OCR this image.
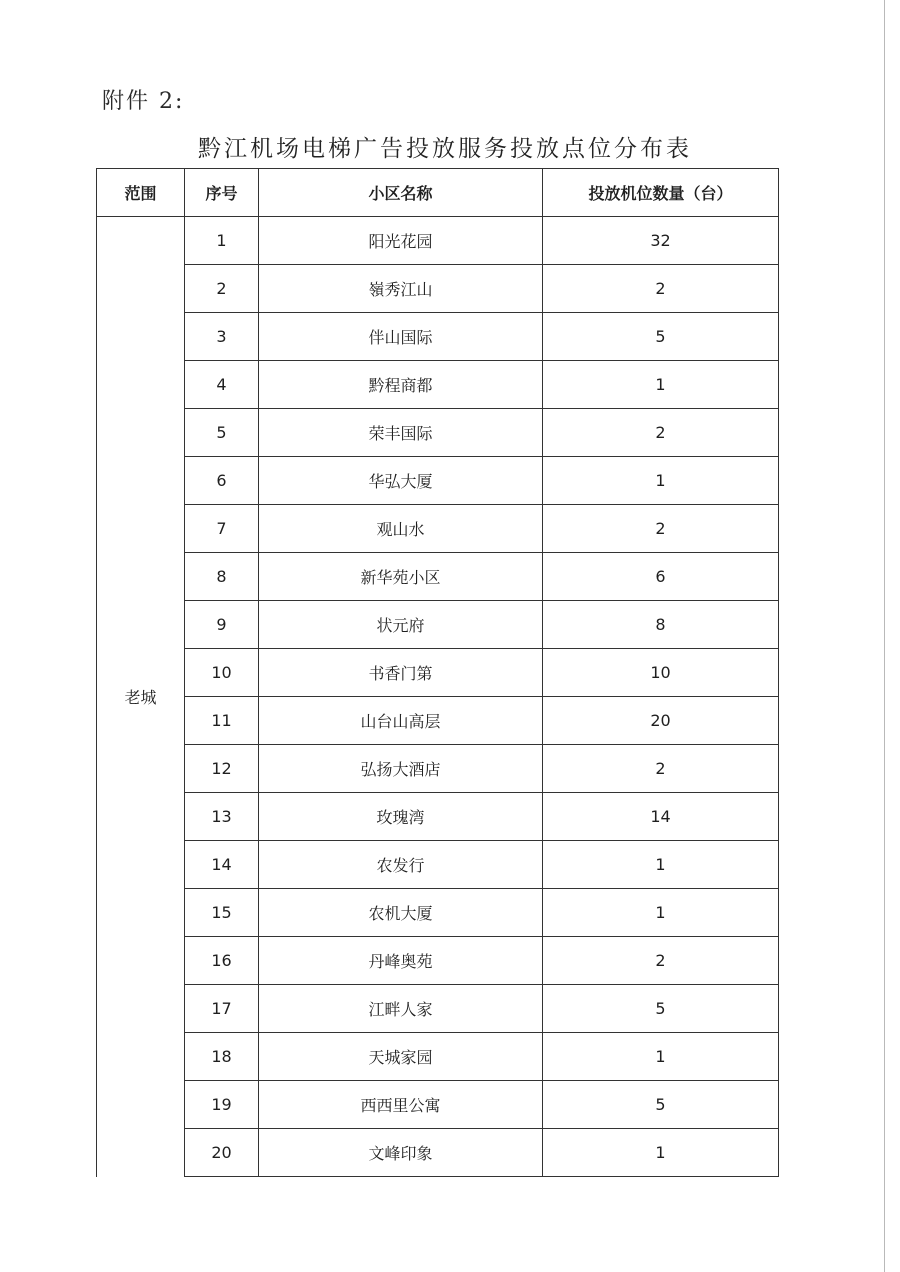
附件 2:
黔江机场电梯广告投放服务投放点位分布表
范围	序号	小区名称	投放机位数量（台）
老城	1	阳光花园	32
	2	嶺秀江山	2
	3	伴山国际	5
	4	黔程商都	1
	5	荣丰国际	2
	6	华弘大厦	1
	7	观山水	2
	8	新华苑小区	6
	9	状元府	8
	10	书香门第	10
	11	山台山高层	20
	12	弘扬大酒店	2
	13	玫瑰湾	14
	14	农发行	1
	15	农机大厦	1
	16	丹峰奥苑	2
	17	江畔人家	5
	18	天城家园	1
	19	西西里公寓	5
	20	文峰印象	1
